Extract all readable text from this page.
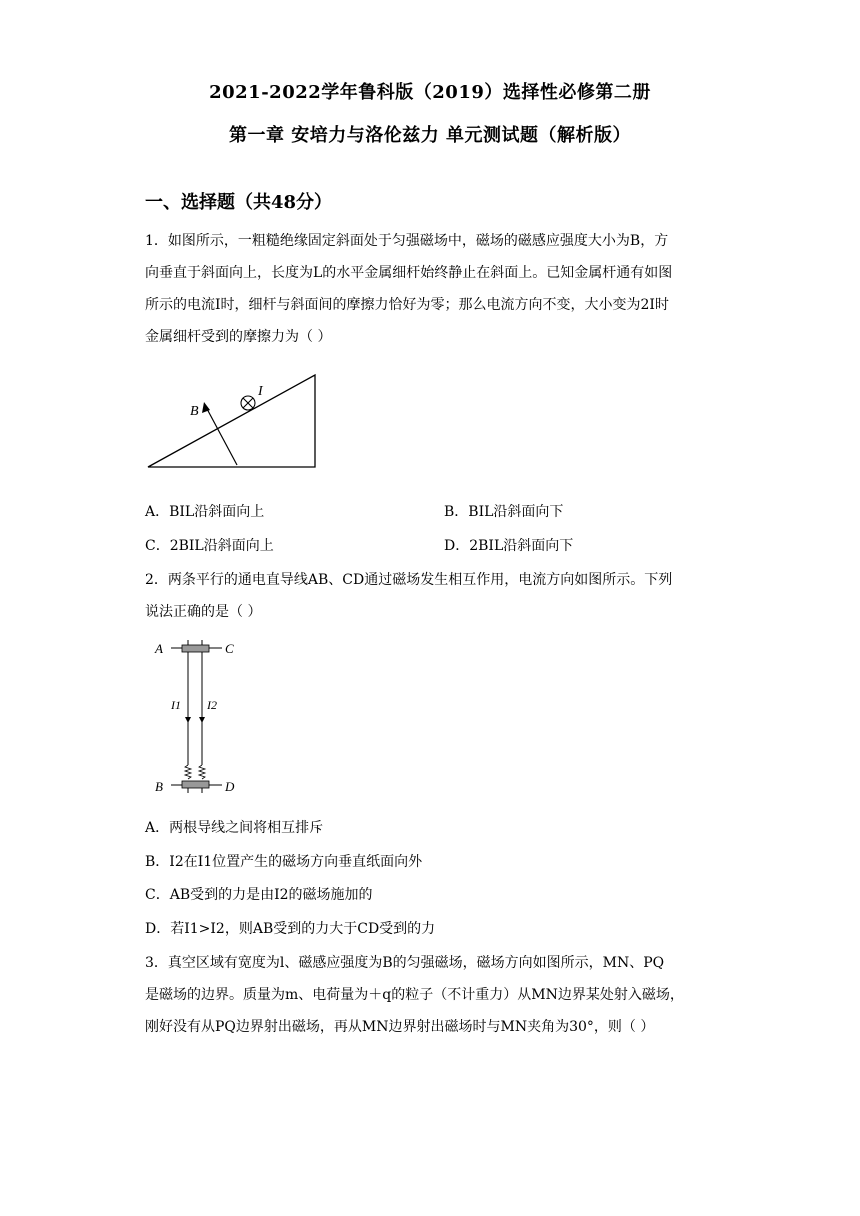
2021-2022学年鲁科版（2019）选择性必修第二册
第一章 安培力与洛伦兹力 单元测试题（解析版）
一、选择题（共48分）
1．如图所示，一粗糙绝缘固定斜面处于匀强磁场中，磁场的磁感应强度大小为B，方
向垂直于斜面向上，长度为L的水平金属细杆始终静止在斜面上。已知金属杆通有如图
所示的电流I时，细杆与斜面间的摩擦力恰好为零；那么电流方向不变，大小变为2I时
金属细杆受到的摩擦力为（ ）
B
I
A．BIL沿斜面向上	B．BIL沿斜面向下
C．2BIL沿斜面向上	D．2BIL沿斜面向下
2．两条平行的通电直导线AB、CD通过磁场发生相互作用，电流方向如图所示。下列
说法正确的是（ ）
A	C
B	D
I1 I2
A．两根导线之间将相互排斥
B．I2在I1位置产生的磁场方向垂直纸面向外
C．AB受到的力是由I2的磁场施加的
D．若I1>I2，则AB受到的力大于CD受到的力
3．真空区域有宽度为l、磁感应强度为B的匀强磁场，磁场方向如图所示，MN、PQ
是磁场的边界。质量为m、电荷量为＋q的粒子（不计重力）从MN边界某处射入磁场，
刚好没有从PQ边界射出磁场，再从MN边界射出磁场时与MN夹角为30°，则（ ）
